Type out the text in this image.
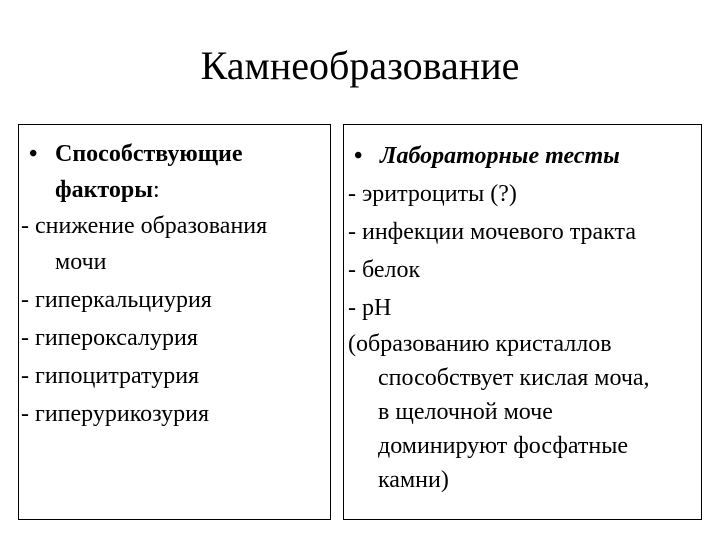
Камнеобразование
• Способствующие
факторы:
- снижение образования
мочи
- гиперкальциурия
- гипероксалурия
- гипоцитратурия
- гиперурикозурия
• Лабораторные тесты
- эритроциты (?)
- инфекции мочевого тракта
- белок
- pH
(образованию кристаллов
способствует кислая моча,
в щелочной моче
доминируют фосфатные
камни)
